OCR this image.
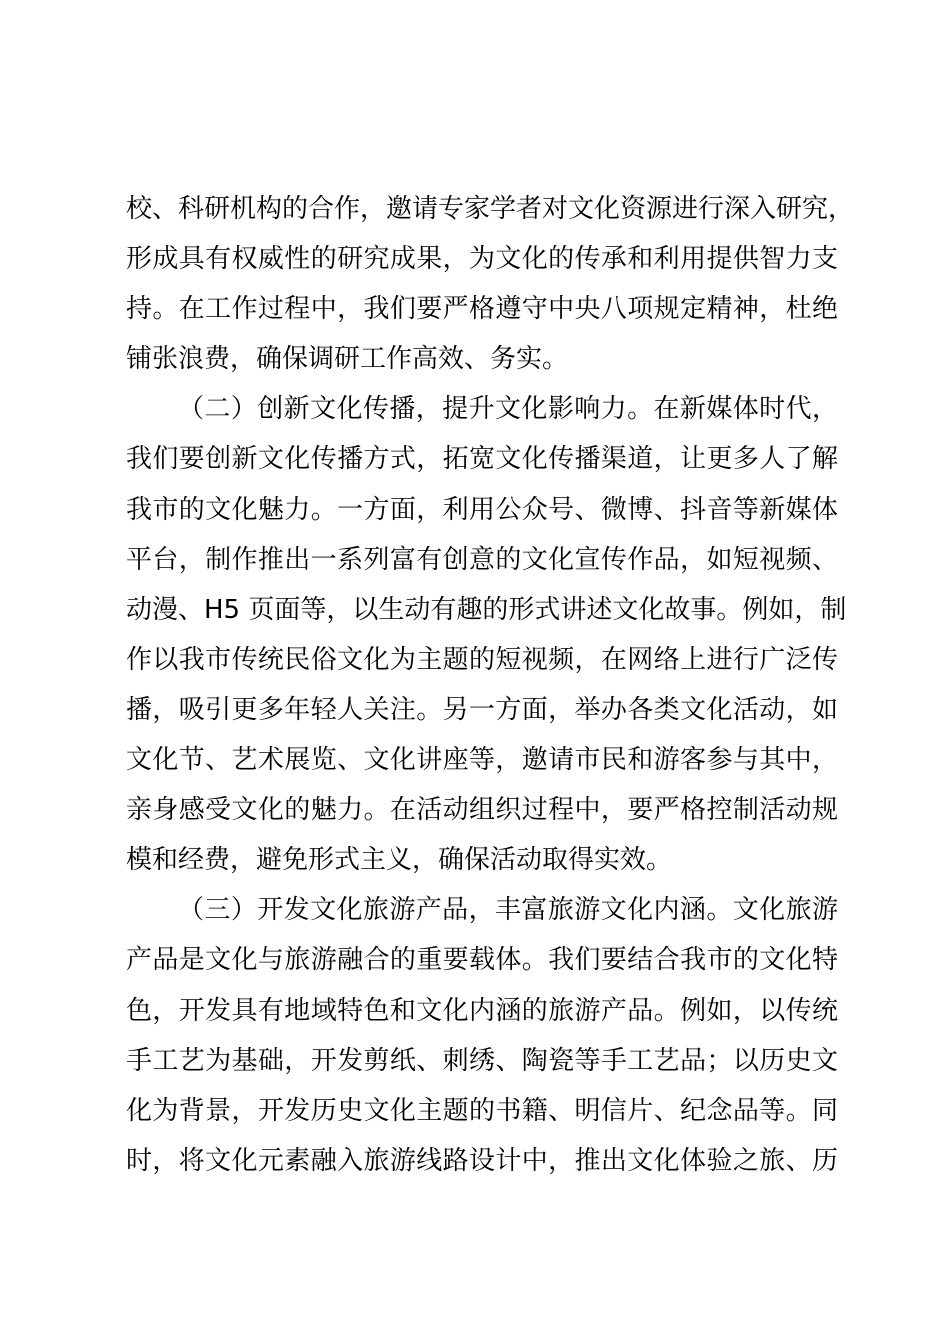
校、科研机构的合作，邀请专家学者对文化资源进行深入研究，
形成具有权威性的研究成果，为文化的传承和利用提供智力支
持。在工作过程中，我们要严格遵守中央八项规定精神，杜绝
铺张浪费，确保调研工作高效、务实。
（二）创新文化传播，提升文化影响力。在新媒体时代，
我们要创新文化传播方式，拓宽文化传播渠道，让更多人了解
我市的文化魅力。一方面，利用公众号、微博、抖音等新媒体
平台，制作推出一系列富有创意的文化宣传作品，如短视频、
动漫、H5 页面等，以生动有趣的形式讲述文化故事。例如，制
作以我市传统民俗文化为主题的短视频，在网络上进行广泛传
播，吸引更多年轻人关注。另一方面，举办各类文化活动，如
文化节、艺术展览、文化讲座等，邀请市民和游客参与其中，
亲身感受文化的魅力。在活动组织过程中，要严格控制活动规
模和经费，避免形式主义，确保活动取得实效。
（三）开发文化旅游产品，丰富旅游文化内涵。文化旅游
产品是文化与旅游融合的重要载体。我们要结合我市的文化特
色，开发具有地域特色和文化内涵的旅游产品。例如，以传统
手工艺为基础，开发剪纸、刺绣、陶瓷等手工艺品；以历史文
化为背景，开发历史文化主题的书籍、明信片、纪念品等。同
时，将文化元素融入旅游线路设计中，推出文化体验之旅、历
